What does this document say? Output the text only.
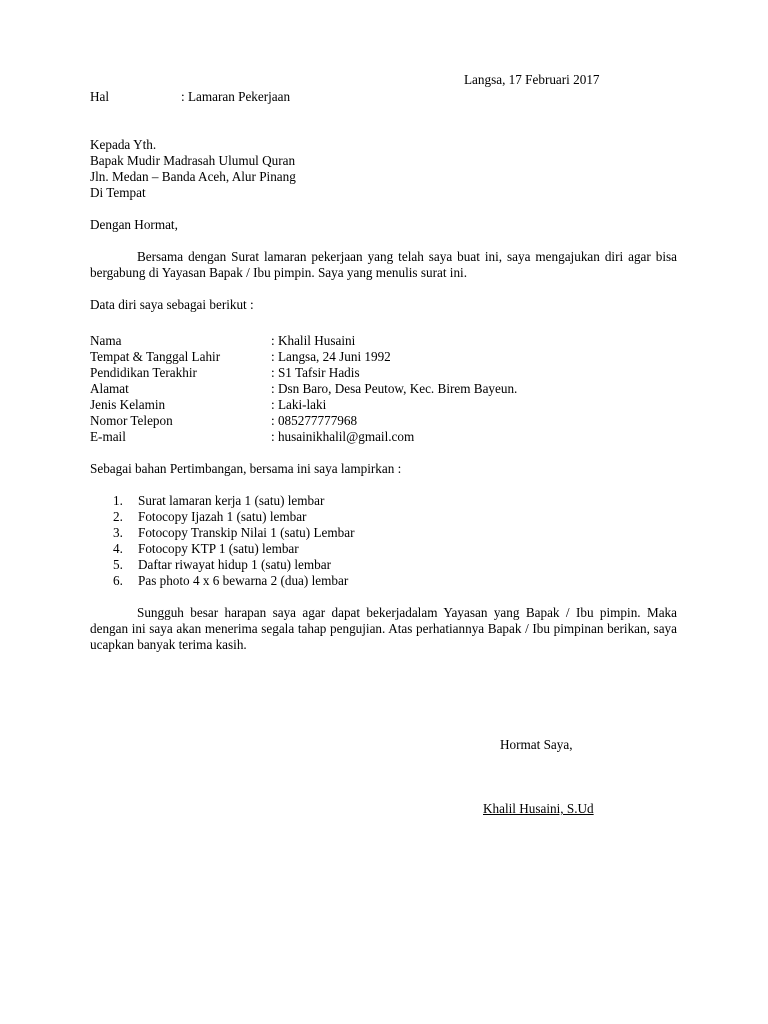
Langsa, 17 Februari 2017
Hal	: Lamaran Pekerjaan
Kepada Yth.
Bapak Mudir Madrasah Ulumul Quran
Jln. Medan – Banda Aceh, Alur Pinang
Di Tempat
Dengan Hormat,
Bersama dengan Surat lamaran pekerjaan yang telah saya buat ini, saya mengajukan diri agar bisa bergabung di Yayasan Bapak / Ibu pimpin. Saya yang menulis surat ini.
Data diri saya sebagai berikut :
Nama	: Khalil Husaini
Tempat & Tanggal Lahir	: Langsa, 24 Juni 1992
Pendidikan Terakhir	: S1 Tafsir Hadis
Alamat	: Dsn Baro, Desa Peutow, Kec. Birem Bayeun.
Jenis Kelamin	: Laki-laki
Nomor Telepon	: 085277777968
E-mail	: husainikhalil@gmail.com
Sebagai bahan Pertimbangan, bersama ini saya lampirkan :
1. Surat lamaran kerja 1 (satu) lembar
2. Fotocopy Ijazah 1 (satu) lembar
3. Fotocopy Transkip Nilai 1 (satu) Lembar
4. Fotocopy KTP 1 (satu) lembar
5. Daftar riwayat hidup 1 (satu) lembar
6. Pas photo 4 x 6 bewarna 2 (dua) lembar
Sungguh besar harapan saya agar dapat bekerjadalam Yayasan yang Bapak / Ibu pimpin. Maka dengan ini saya akan menerima segala tahap pengujian. Atas perhatiannya Bapak / Ibu pimpinan berikan, saya ucapkan banyak terima kasih.
Hormat Saya,
Khalil Husaini, S.Ud
